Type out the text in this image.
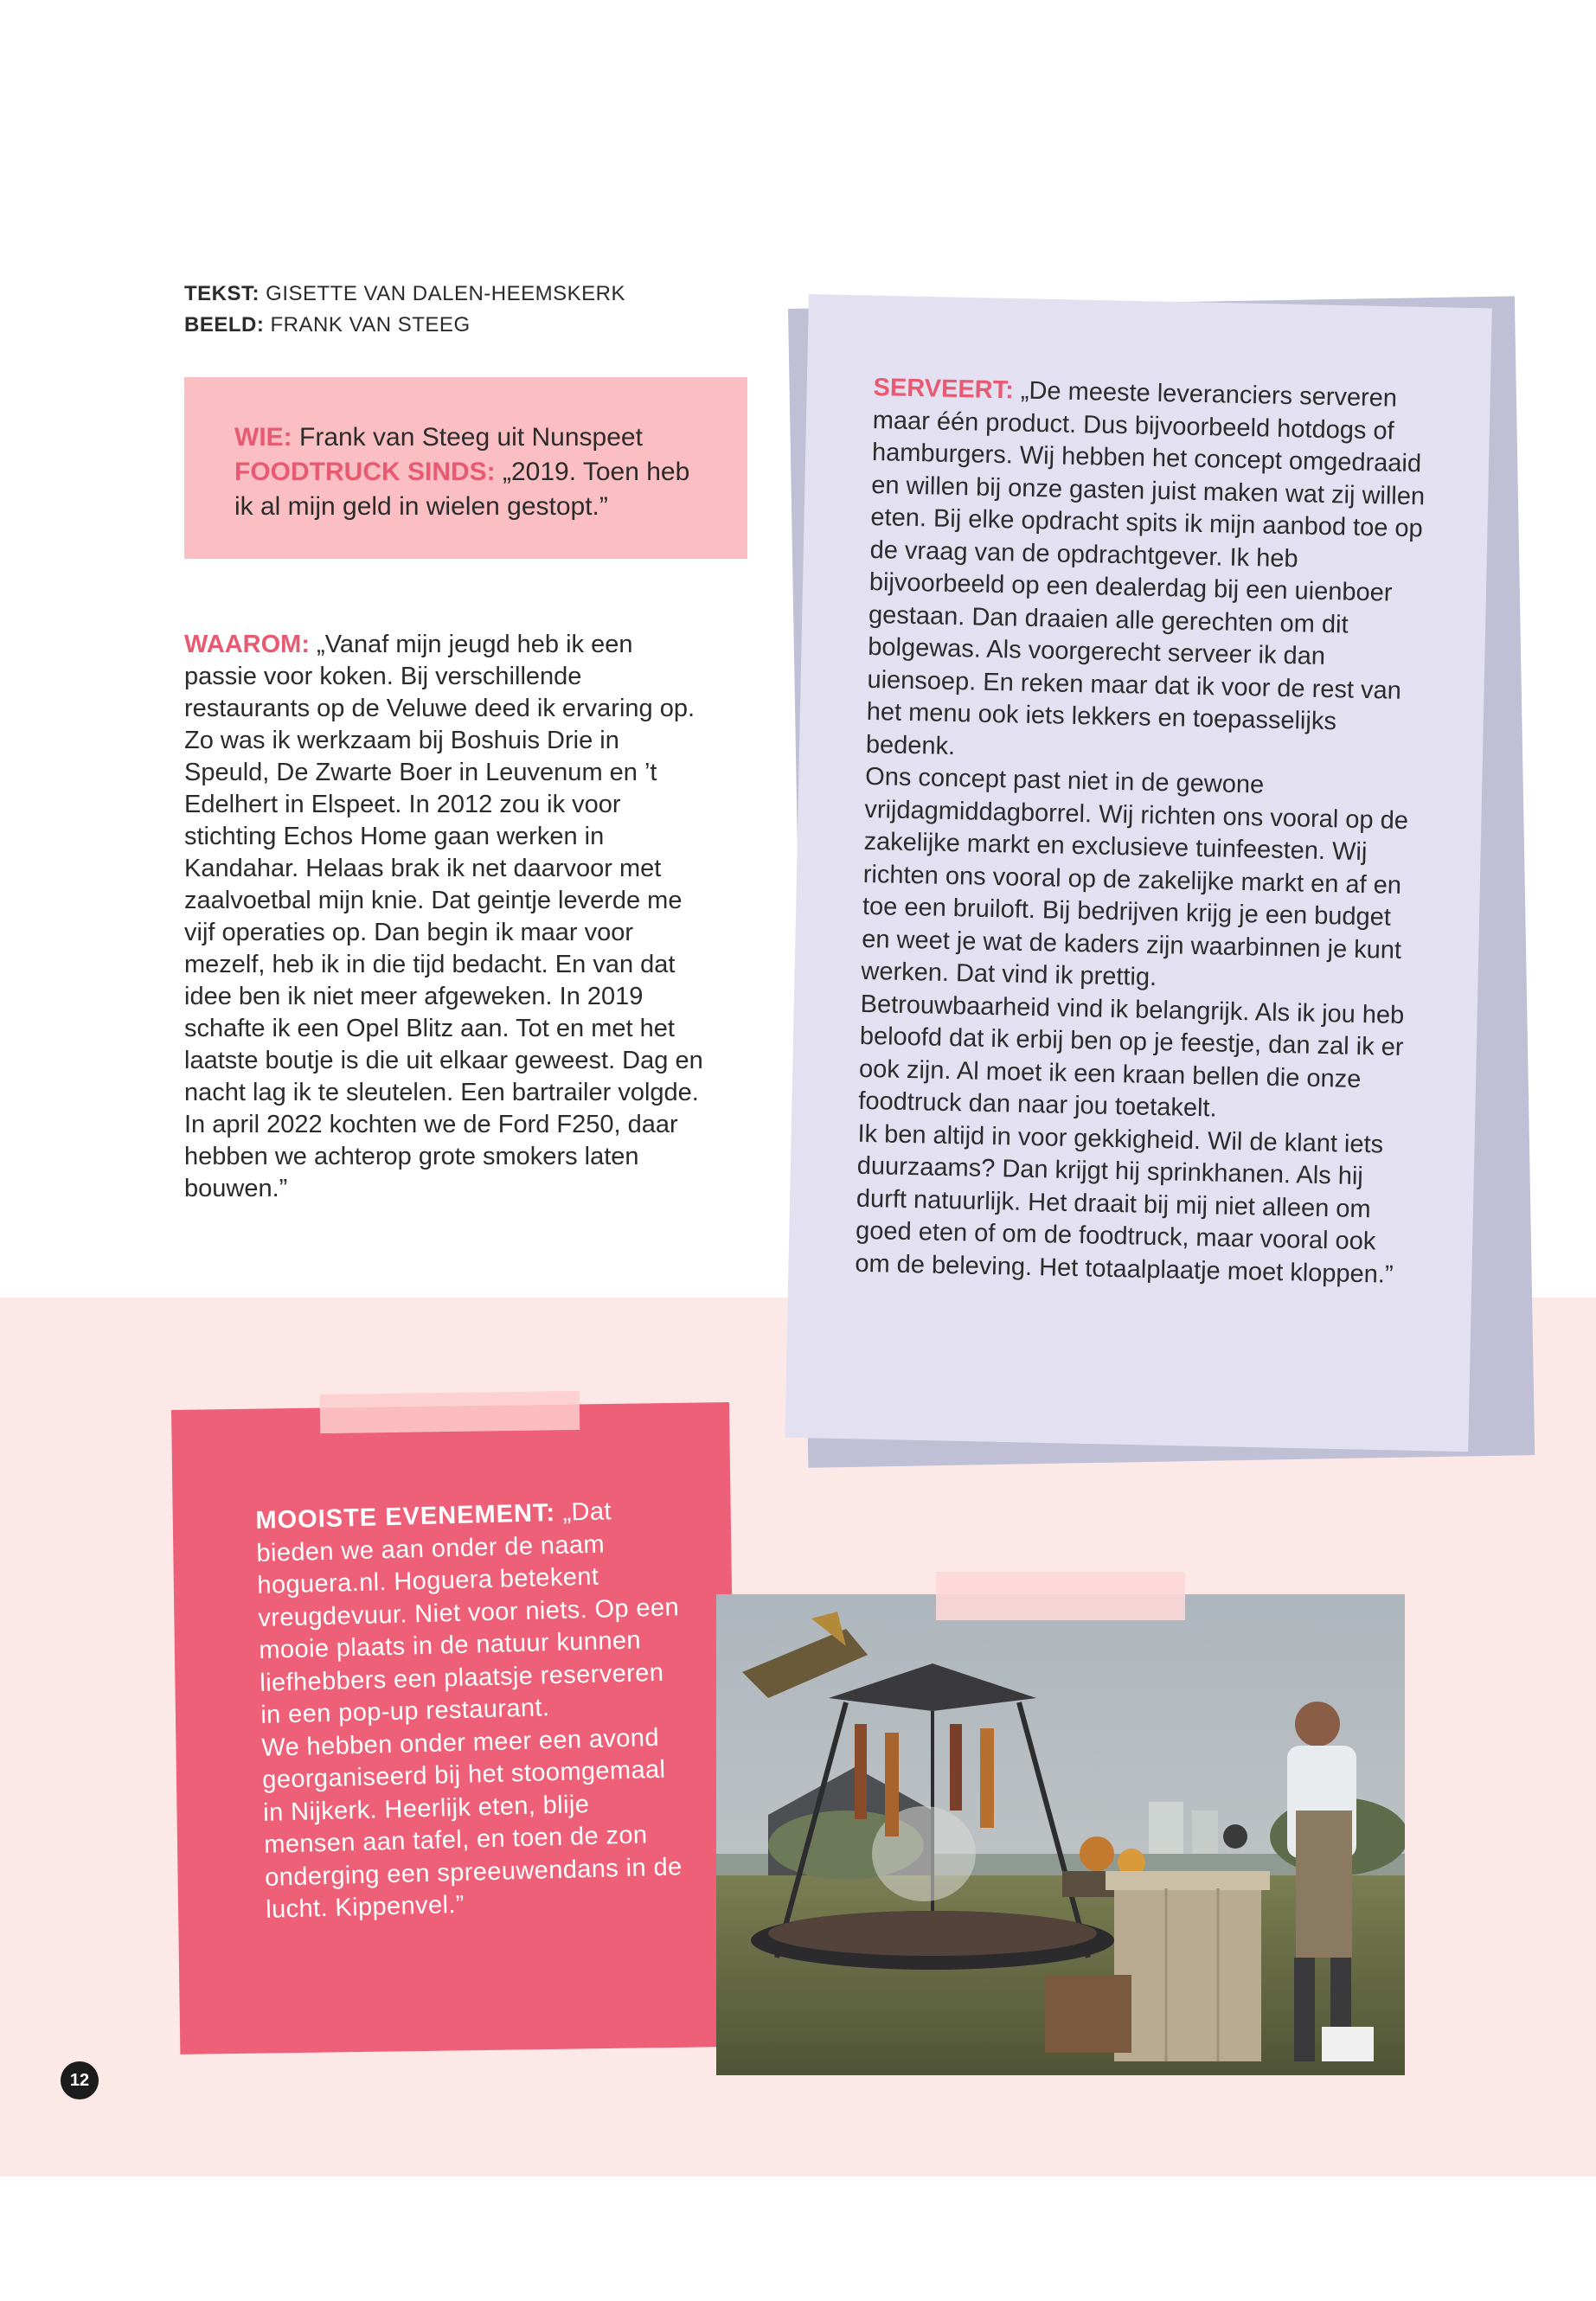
TEKST: GISETTE VAN DALEN-HEEMSKERK
BEELD: FRANK VAN STEEG
WIE: Frank van Steeg uit Nunspeet
FOODTRUCK SINDS: „2019. Toen heb ik al mijn geld in wielen gestopt.”

WAAROM: „Vanaf mijn jeugd heb ik een passie voor koken. Bij verschillende restaurants op de Veluwe deed ik ervaring op. Zo was ik werkzaam bij Boshuis Drie in Speuld, De Zwarte Boer in Leuvenum en ’t Edelhert in Elspeet. In 2012 zou ik voor stichting Echos Home gaan werken in Kandahar. Helaas brak ik net daarvoor met zaalvoetbal mijn knie. Dat geintje leverde me vijf operaties op. Dan begin ik maar voor mezelf, heb ik in die tijd bedacht. En van dat idee ben ik niet meer afgeweken. In 2019 schafte ik een Opel Blitz aan. Tot en met het laatste boutje is die uit elkaar geweest. Dag en nacht lag ik te sleutelen. Een bartrailer volgde. In april 2022 kochten we de Ford F250, daar hebben we achterop grote smokers laten bouwen.”

SERVEERT: „De meeste leveranciers serveren maar één product. Dus bijvoorbeeld hotdogs of hamburgers. Wij hebben het concept omgedraaid en willen bij onze gasten juist maken wat zij willen eten. Bij elke opdracht spits ik mijn aanbod toe op de vraag van de opdrachtgever. Ik heb bijvoorbeeld op een dealerdag bij een uienboer gestaan. Dan draaien alle gerechten om dit bolgewas. Als voorgerecht serveer ik dan uiensoep. En reken maar dat ik voor de rest van het menu ook iets lekkers en toepasselijks bedenk.

Ons concept past niet in de gewone vrijdagmiddagborrel. Wij richten ons vooral op de zakelijke markt en exclusieve tuinfeesten. Wij richten ons vooral op de zakelijke markt en af en toe een bruiloft. Bij bedrijven krijg je een budget en weet je wat de kaders zijn waarbinnen je kunt werken. Dat vind ik prettig.

Betrouwbaarheid vind ik belangrijk. Als ik jou heb beloofd dat ik erbij ben op je feestje, dan zal ik er ook zijn. Al moet ik een kraan bellen die onze foodtruck dan naar jou toetakelt.

Ik ben altijd in voor gekkigheid. Wil de klant iets duurzaams? Dan krijgt hij sprinkhanen. Als hij durft natuurlijk. Het draait bij mij niet alleen om goed eten of om de foodtruck, maar vooral ook om de beleving. Het totaalplaatje moet kloppen.”

MOOISTE EVENEMENT: „Dat bieden we aan onder de naam hoguera.nl. Hoguera betekent vreugdevuur. Niet voor niets. Op een mooie plaats in de natuur kunnen liefhebbers een plaatsje reserveren in een pop-up restaurant.

We hebben onder meer een avond georganiseerd bij het stoomgemaal in Nijkerk. Heerlijk eten, blije mensen aan tafel, en toen de zon onderging een spreeuwendans in de lucht. Kippenvel.”

12
